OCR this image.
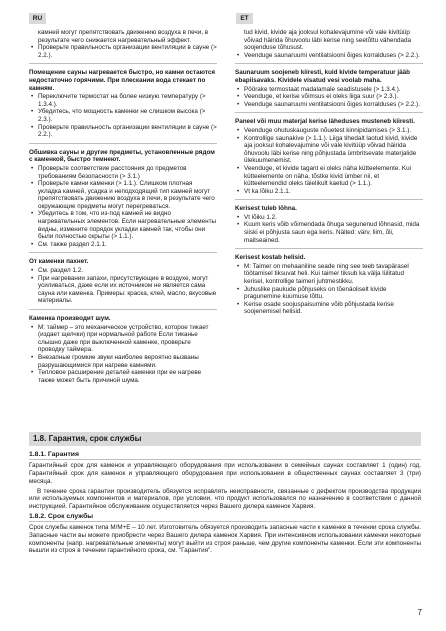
RU	ET
камней могут препятствовать движению воздуха в печи, в результате чего снижается нагревательный эффект.
• Проверьте правильность организации вентиляции в сауне (> 2.2.).

Помещение сауны нагревается быстро, но камни остаются недостаточно горячими. При плескании вода стекает по камням.

• Переключите термостат на более низкую температуру (> 1.3.4.).
• Убедитесь, что мощность каменки не слишком высока (> 2.3.).
• Проверьте правильность организации вентиляции в сауне (> 2.2.).

Обшивка сауны и другие предметы, установленные рядом с каменкой, быстро темнеют.

• Проверьте соответствие расстояния до предметов требованиям безопасности (> 3.1.)
• Проверьте камни каменки (> 1.1.). Слишком плотная укладка камней, усадка и неподходящий тип камней могут препятствовать движению воздуха в печи, в результате чего окружающие предметы могут перегреваться.
• Убедитесь в том, что из-под камней не видно нагревательных элементов. Если нагревательные элементы видны, измените порядок укладки камней так, чтобы они были полностью скрыты (> 1.1.).
• См. также раздел 2.1.1.

От каменки пахнет.

• См. раздел 1.2.
• При нагревании запахи, присутствующие в воздухе, могут усиливаться, даже если их источником не является сама сауна или каменка. Примеры: краска, клей, масло, вкусовые материалы.

Каменка производит шум.

• М: таймер – это механическое устройство, которое тикает (издает щелчки) при нормальной работе Если тиканье слышно даже при выключенной каменке, проверьте проводку таймера.
• Внезапные громкие звуки наиболее вероятно вызваны разрушающимися при нагреве камнями.
• Тепловое расширение деталей каменки при ее нагреве также может быть причиной шума.
tud kivid, kivide aja jooksul kohalevajumine või vale kivitüüp võivad häirida õhuvoolu läbi kerise ning seetõttu vähendada soojendusе tõhusust.
• Veenduge saunaruumi ventilatsiooni õiges korralduses (> 2.2.).

Saunaruum soojeneb kiiresti, kuid kivide temperatuur jääb ebapiisavaks. Kividele visatud vesi voolab maha.

• Pöörake termostaat madalamale seadistusele (> 1.3.4.).
• Veenduge, et kerise võimsus ei oleks liiga suur (> 2.3.).
• Veenduge saunaruumi ventilatsiooni õiges korralduses (> 2.2.).

Paneel või muu materjal kerise läheduses mustenеb kiiresti.

• Veenduge ohutuskauguste nõuetest kinnipidamises (> 3.1.).
• Kontrollige saunakive (> 1.1.). Liiga tihedalt laotud kivid, kivide aja jooksul kohalevajumine või vale kivitüüp võivad häirida õhuvoolu läbi kerise ning põhjustada ümbritsevate materjalide ülekuumenemist.
• Veenduge, et kivide tagant ei oleks näha kütteelemente. Kui kütteelemente on näha, tõstke kivid ümber nii, et kütteelemendid oleks täielikult kaetud (> 1.1.).
• Vt ka lõiku 2.1.1.

Kerisest tuleb lõhna.

• Vt lõiku 1.2.
• Kuum keris võib võimendada õhuga segunenud lõhnasid, mida siiski ei põhjusta saun ega keris. Näited: värv, liim, õli, maitseained.

Kerisest kostab helisid.

• M: Taimer on mehaaniline seade ning see teeb tavapärasel töötamisel tiksuvat heli. Kui taimer tiksub ka välja lülitatud kerisel, kontrollige taimeri juhtmestikku.
• Juhuslike paukude põhjuseks on tõenäoliselt kivide pragunemine kuumuse tõttu.
• Kerise osade soojuspaisumine võib põhjustada kerise soojenemisel helisid.
1.8. Гарантия, срок службы
1.8.1. Гарантия

Гарантийный срок для каменок и управляющего оборудования при использовании в семейных саунах составляет 1 (один) год. Гарантийный срок для каменок и управляющего оборудования при использовании в общественных саунах составляет 3 (три) месяца.

В течение срока гарантии производитель обязуется исправлять неисправности, связанные с дефектом производства продукции или используемых компонентов и материалов, при условии, что продукт использовался по назначению в соответствии с данной инструкцией. Гарантийное обслуживание осуществляется через Вашего дилера каменок Харвия.

1.8.2. Срок службы

Срок службы каменок типа M/M+E – 10 лет. Изготовитель обязуется производить запасные части к каменке в течении срока службы. Запасные части вы можете приобрести через Вашего дилера каменок Харвия. При интенсивном использовании каменки некоторые компоненты (напр. нагревательные элементы) могут выйти из строя раньше, чем другие компоненты каменки. Если эти компоненты вышли из строя в течении гарантийного срока, см. "Гарантия".

7
